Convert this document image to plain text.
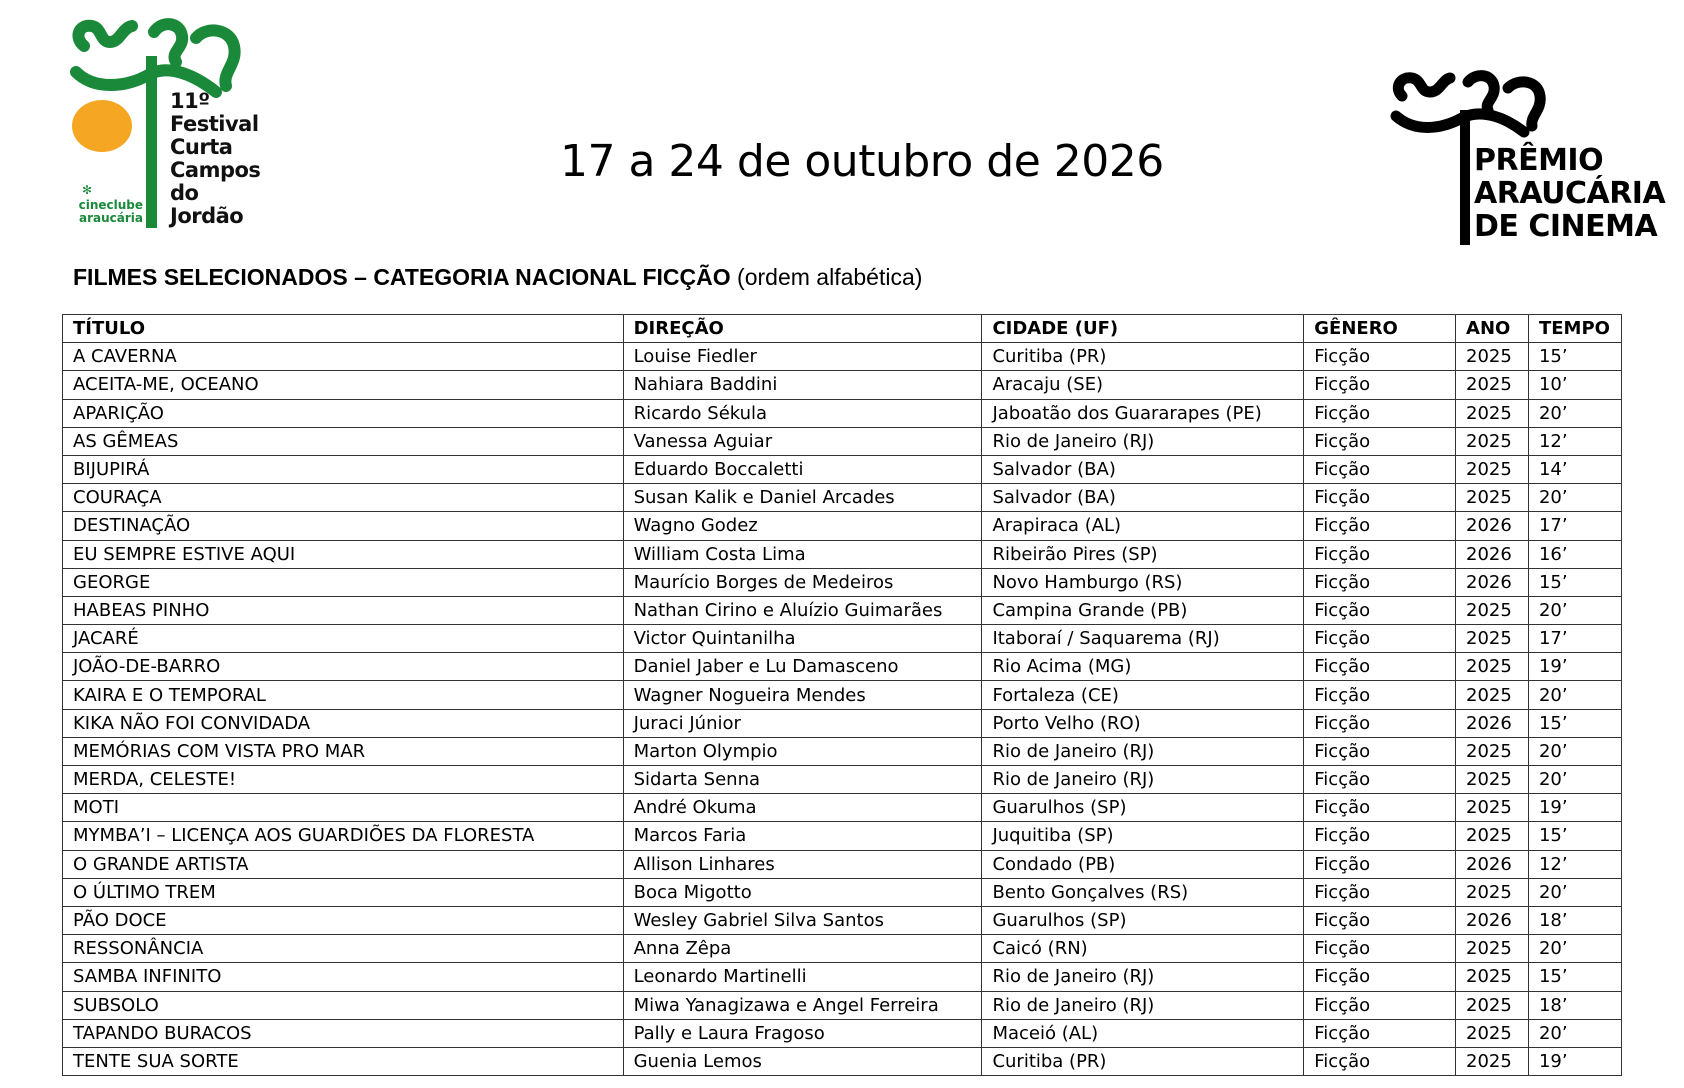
✻
11º
Festival
Curta
Campos
do
Jordão
cineclube
araucária
17 a 24 de outubro de 2026	PRÊMIO
ARAUCÁRIA
DE CINEMA
FILMES SELECIONADOS – CATEGORIA NACIONAL FICÇÃO (ordem alfabética)
TÍTULO	DIREÇÃO	CIDADE (UF)	GÊNERO	ANO	TEMPO
A CAVERNA	Louise Fiedler	Curitiba (PR)	Ficção	2025	15’
ACEITA-ME, OCEANO	Nahiara Baddini	Aracaju (SE)	Ficção	2025	10’
APARIÇÃO	Ricardo Sékula	Jaboatão dos Guararapes (PE)	Ficção	2025	20’
AS GÊMEAS	Vanessa Aguiar	Rio de Janeiro (RJ)	Ficção	2025	12’
BIJUPIRÁ	Eduardo Boccaletti	Salvador (BA)	Ficção	2025	14’
COURAÇA	Susan Kalik e Daniel Arcades	Salvador (BA)	Ficção	2025	20’
DESTINAÇÃO	Wagno Godez	Arapiraca (AL)	Ficção	2026	17’
EU SEMPRE ESTIVE AQUI	William Costa Lima	Ribeirão Pires (SP)	Ficção	2026	16’
GEORGE	Maurício Borges de Medeiros	Novo Hamburgo (RS)	Ficção	2026	15’
HABEAS PINHO	Nathan Cirino e Aluízio Guimarães	Campina Grande (PB)	Ficção	2025	20’
JACARÉ	Victor Quintanilha	Itaboraí / Saquarema (RJ)	Ficção	2025	17’
JOÃO-DE-BARRO	Daniel Jaber e Lu Damasceno	Rio Acima (MG)	Ficção	2025	19’
KAIRA E O TEMPORAL	Wagner Nogueira Mendes	Fortaleza (CE)	Ficção	2025	20’
KIKA NÃO FOI CONVIDADA	Juraci Júnior	Porto Velho (RO)	Ficção	2026	15’
MEMÓRIAS COM VISTA PRO MAR	Marton Olympio	Rio de Janeiro (RJ)	Ficção	2025	20’
MERDA, CELESTE!	Sidarta Senna	Rio de Janeiro (RJ)	Ficção	2025	20’
MOTI	André Okuma	Guarulhos (SP)	Ficção	2025	19’
MYMBA’I – LICENÇA AOS GUARDIÕES DA FLORESTA	Marcos Faria	Juquitiba (SP)	Ficção	2025	15’
O GRANDE ARTISTA	Allison Linhares	Condado (PB)	Ficção	2026	12’
O ÚLTIMO TREM	Boca Migotto	Bento Gonçalves (RS)	Ficção	2025	20’
PÃO DOCE	Wesley Gabriel Silva Santos	Guarulhos (SP)	Ficção	2026	18’
RESSONÂNCIA	Anna Zêpa	Caicó (RN)	Ficção	2025	20’
SAMBA INFINITO	Leonardo Martinelli	Rio de Janeiro (RJ)	Ficção	2025	15’
SUBSOLO	Miwa Yanagizawa e Angel Ferreira	Rio de Janeiro (RJ)	Ficção	2025	18’
TAPANDO BURACOS	Pally e Laura Fragoso	Maceió (AL)	Ficção	2025	20’
TENTE SUA SORTE	Guenia Lemos	Curitiba (PR)	Ficção	2025	19’
